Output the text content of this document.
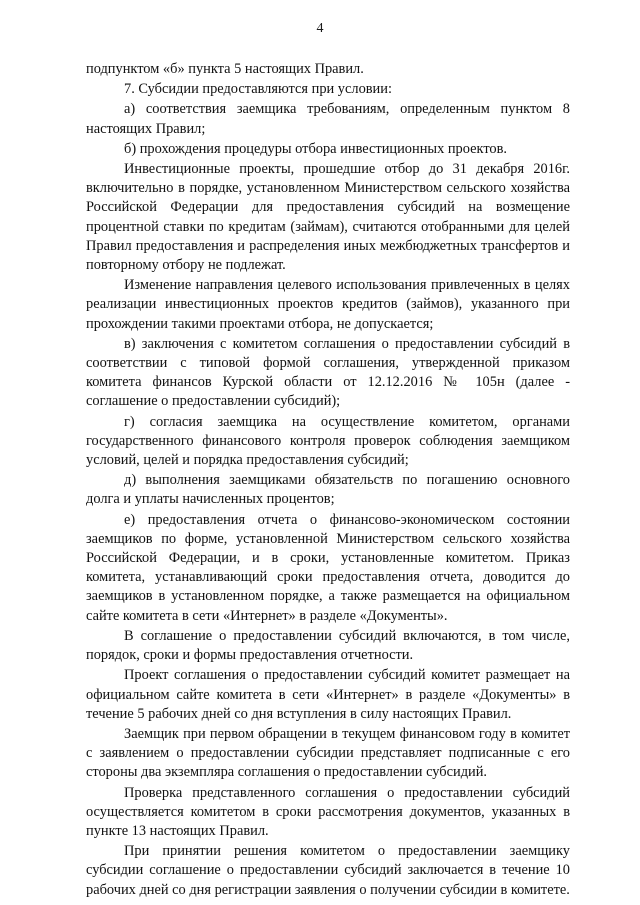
4

подпунктом «б» пункта 5 настоящих Правил.

7. Субсидии предоставляются при условии:

а) соответствия заемщика требованиям, определенным пунктом 8 настоящих Правил;

б) прохождения процедуры отбора инвестиционных проектов.

Инвестиционные проекты, прошедшие отбор до 31 декабря 2016г. включительно в порядке, установленном Министерством сельского хозяйства Российской Федерации для предоставления субсидий на возмещение процентной ставки по кредитам (займам), считаются отобранными для целей Правил предоставления и распределения иных межбюджетных трансфертов и повторному отбору не подлежат.

Изменение направления целевого использования привлеченных в целях реализации инвестиционных проектов кредитов (займов), указанного при прохождении такими проектами отбора, не допускается;

в) заключения с комитетом соглашения о предоставлении субсидий в соответствии с типовой формой соглашения, утвержденной приказом комитета финансов Курской области от 12.12.2016 № 105н (далее - соглашение о предоставлении субсидий);

г) согласия заемщика на осуществление комитетом, органами государственного финансового контроля проверок соблюдения заемщиком условий, целей и порядка предоставления субсидий;

д) выполнения заемщиками обязательств по погашению основного долга и уплаты начисленных процентов;

е) предоставления отчета о финансово-экономическом состоянии заемщиков по форме, установленной Министерством сельского хозяйства Российской Федерации, и в сроки, установленные комитетом. Приказ комитета, устанавливающий сроки предоставления отчета, доводится до заемщиков в установленном порядке, а также размещается на официальном сайте комитета в сети «Интернет» в разделе «Документы».

В соглашение о предоставлении субсидий включаются, в том числе, порядок, сроки и формы предоставления отчетности.

Проект соглашения о предоставлении субсидий комитет размещает на официальном сайте комитета в сети «Интернет» в разделе «Документы» в течение 5 рабочих дней со дня вступления в силу настоящих Правил.

Заемщик при первом обращении в текущем финансовом году в комитет с заявлением о предоставлении субсидии представляет подписанные с его стороны два экземпляра соглашения о предоставлении субсидий.

Проверка представленного соглашения о предоставлении субсидий осуществляется комитетом в сроки рассмотрения документов, указанных в пункте 13 настоящих Правил.

При принятии решения комитетом о предоставлении заемщику субсидии соглашение о предоставлении субсидий заключается в течение 10 рабочих дней со дня регистрации заявления о получении субсидии в комитете.
